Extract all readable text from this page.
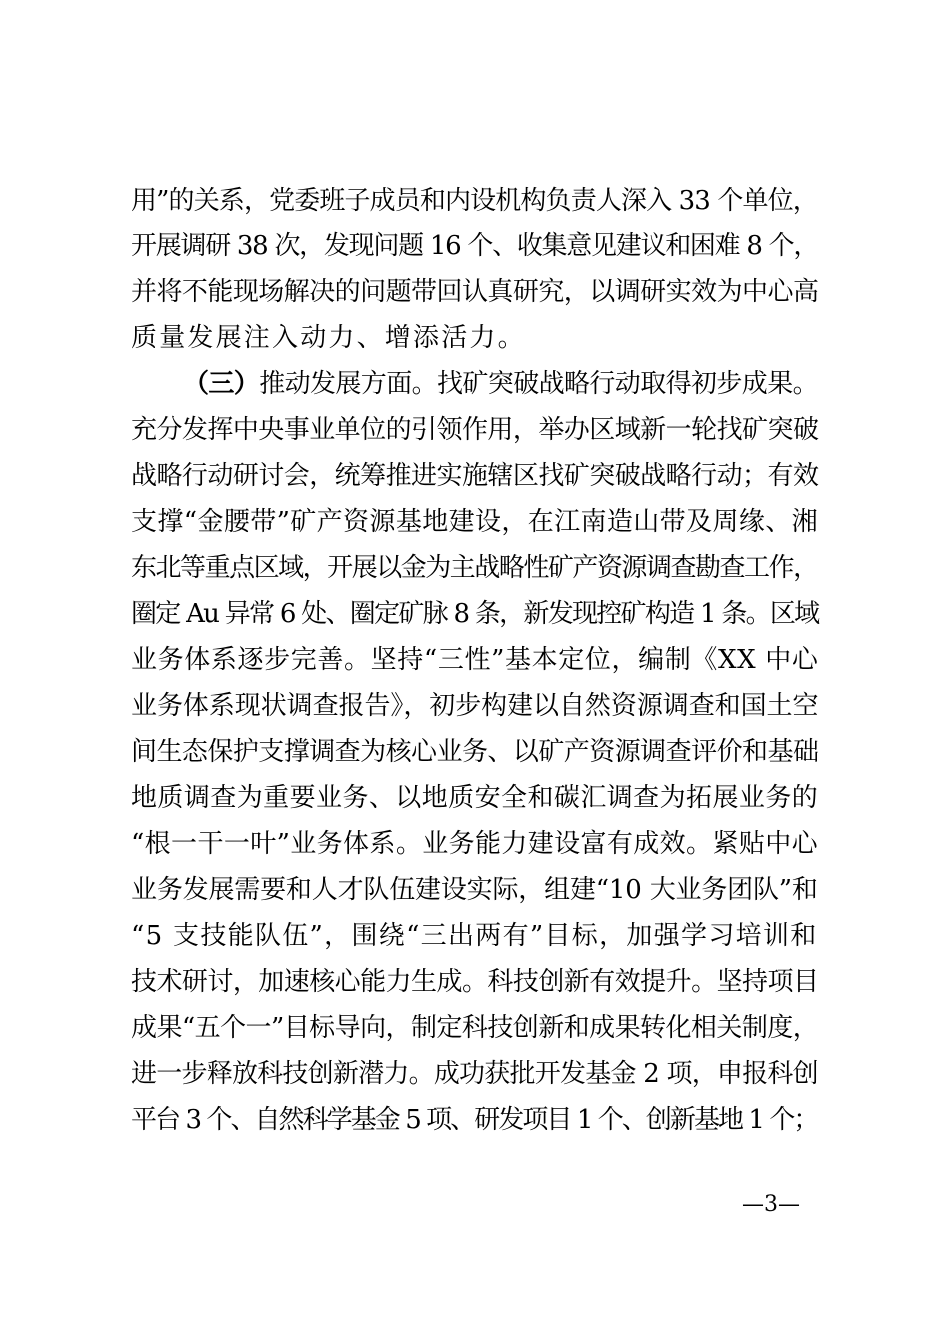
用”的关系，党委班子成员和内设机构负责人深入 33 个单位，
开展调研 38 次，发现问题 16 个、收集意见建议和困难 8 个，
并将不能现场解决的问题带回认真研究，以调研实效为中心高
质量发展注入动力、增添活力。
（三）推动发展方面。找矿突破战略行动取得初步成果。
充分发挥中央事业单位的引领作用，举办区域新一轮找矿突破
战略行动研讨会，统筹推进实施辖区找矿突破战略行动；有效
支撑“金腰带”矿产资源基地建设，在江南造山带及周缘、湘
东北等重点区域，开展以金为主战略性矿产资源调查勘查工作，
圈定 Au 异常 6 处、圈定矿脉 8 条，新发现控矿构造 1 条。区域
业务体系逐步完善。坚持“三性”基本定位，编制《XX 中心
业务体系现状调查报告》，初步构建以自然资源调查和国土空
间生态保护支撑调查为核心业务、以矿产资源调查评价和基础
地质调查为重要业务、以地质安全和碳汇调查为拓展业务的
“根一干一叶”业务体系。业务能力建设富有成效。紧贴中心
业务发展需要和人才队伍建设实际，组建“10 大业务团队”和
“5 支技能队伍”，围绕“三出两有”目标，加强学习培训和
技术研讨，加速核心能力生成。科技创新有效提升。坚持项目
成果“五个一”目标导向，制定科技创新和成果转化相关制度，
进一步释放科技创新潜力。成功获批开发基金 2 项，申报科创
平台 3 个、自然科学基金 5 项、研发项目 1 个、创新基地 1 个；
—3—
